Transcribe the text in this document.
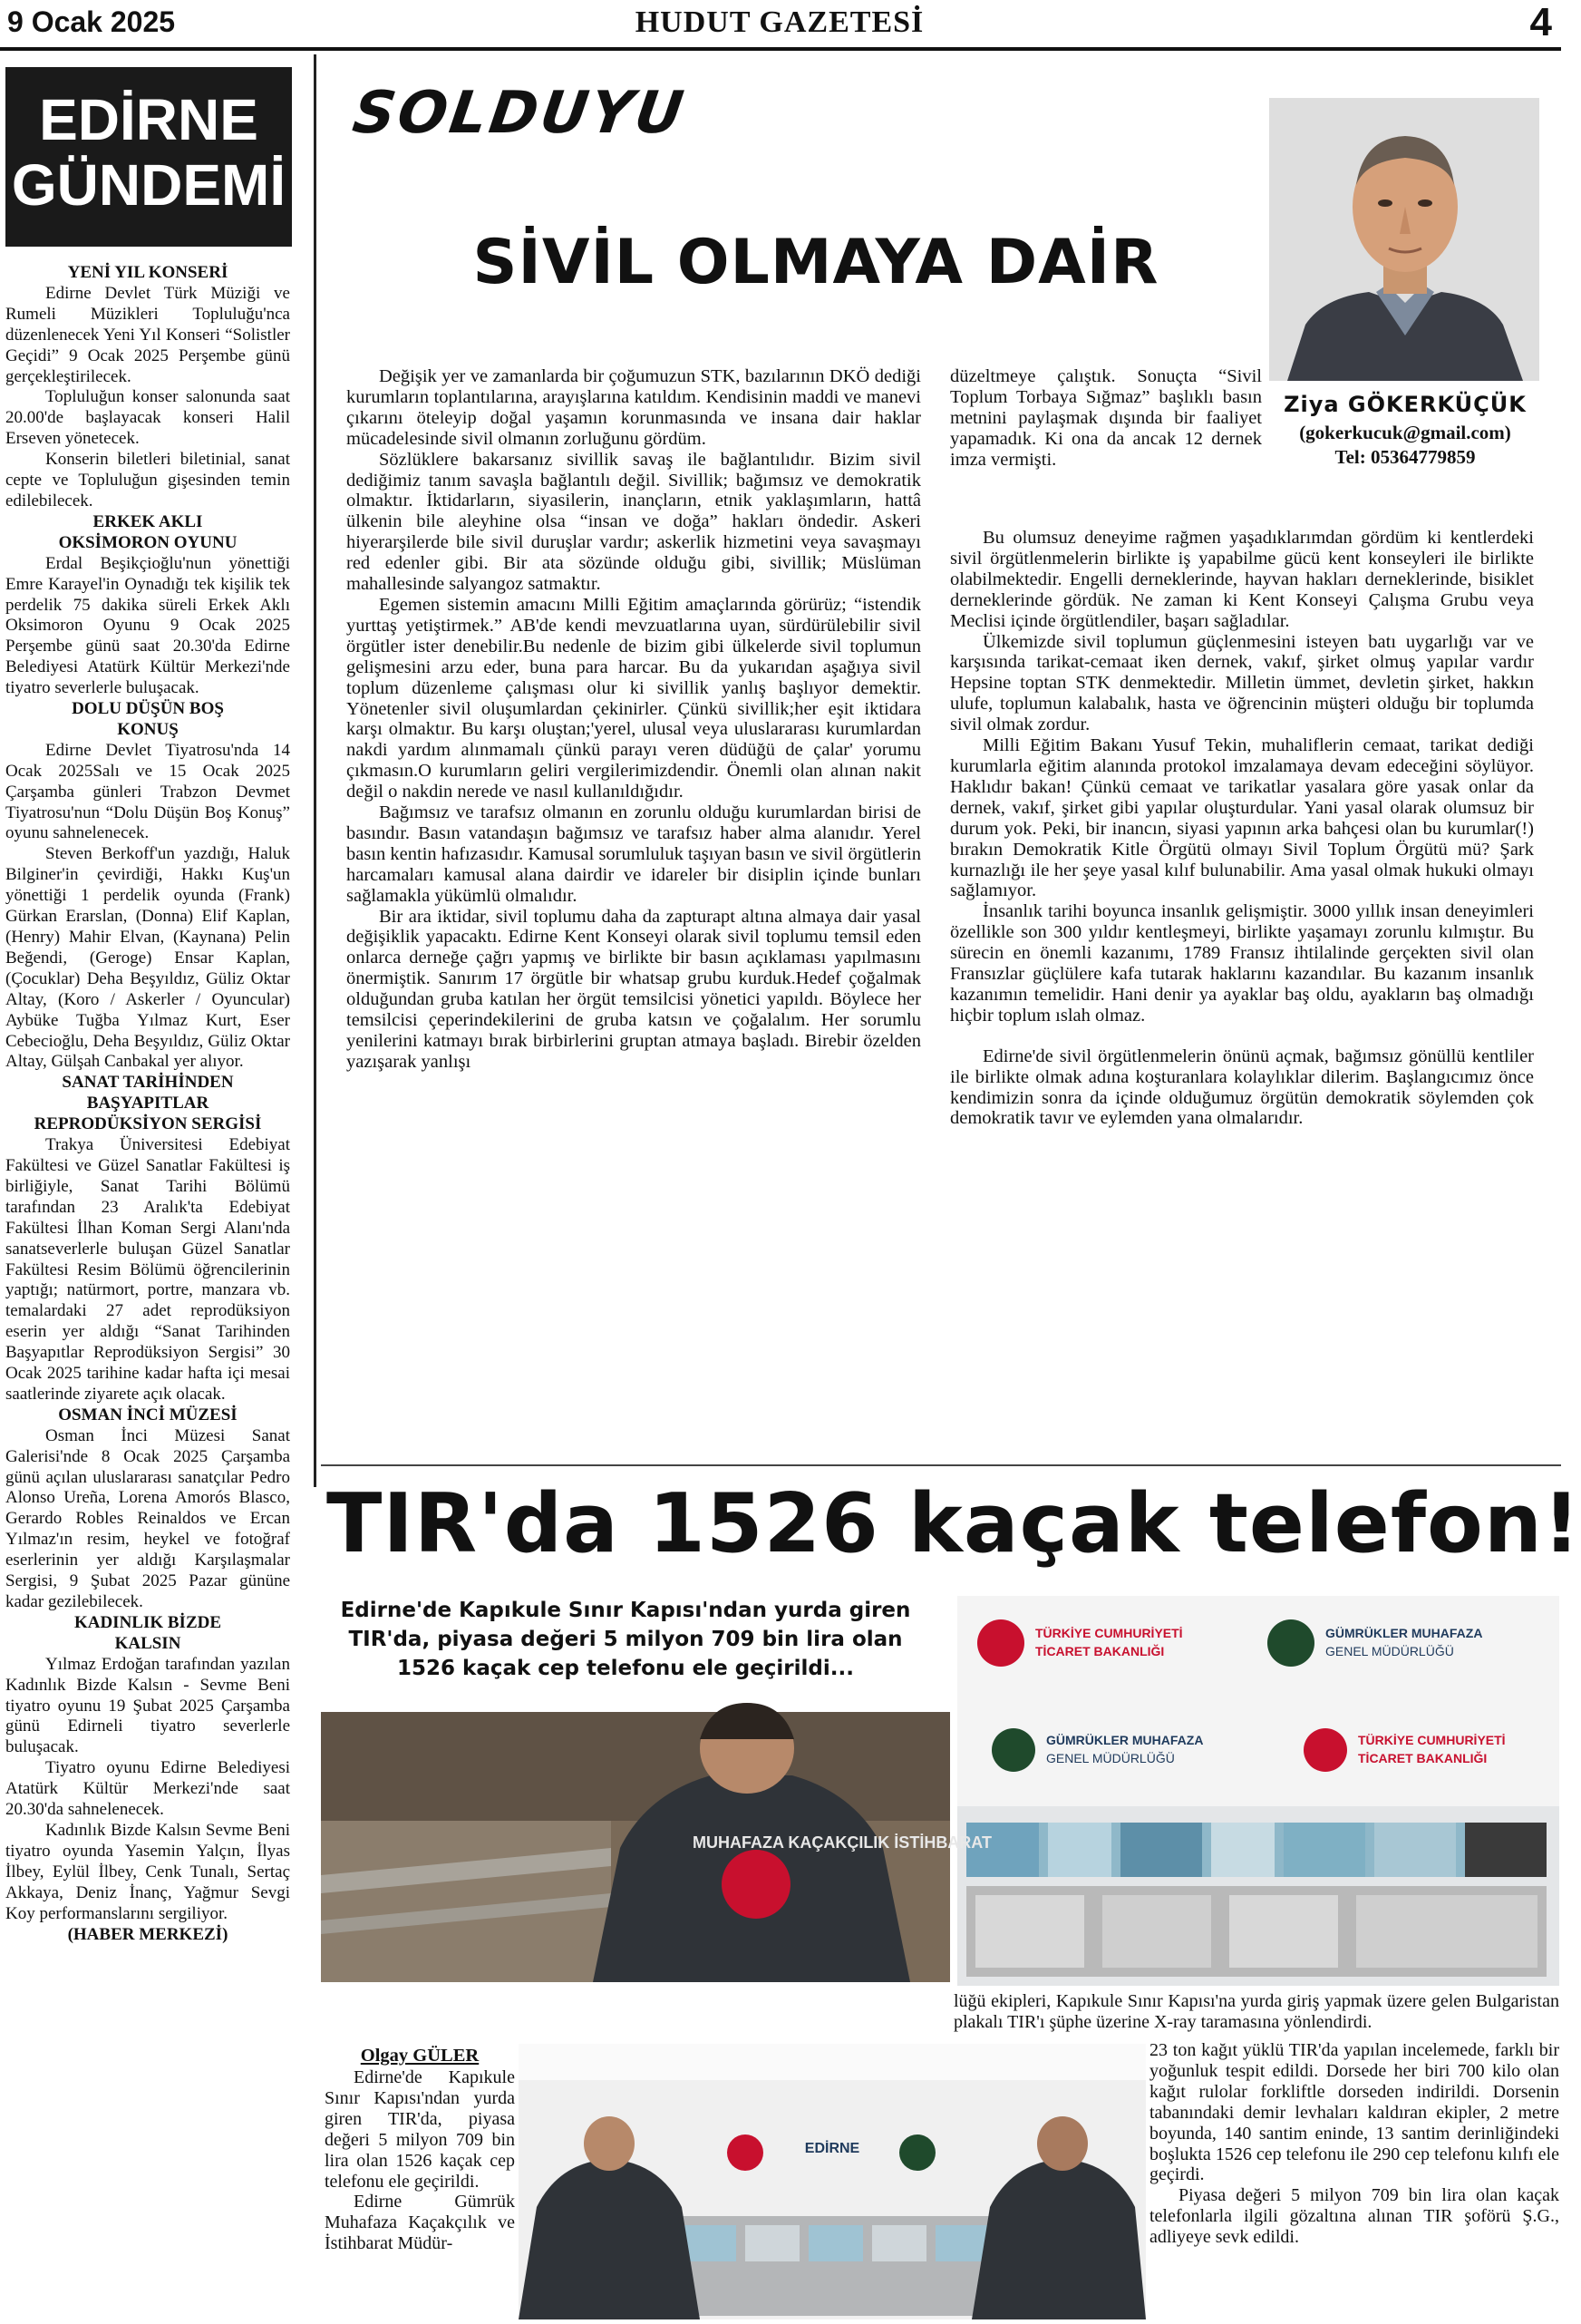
9 Ocak 2025	HUDUT GAZETESİ	4
EDİRNE
GÜNDEMİ

YENİ YIL KONSERİ

Edirne Devlet Türk Müziği ve Rumeli Müzikleri Topluluğu'nca düzenlenecek Yeni Yıl Konseri “Solistler Geçidi” 9 Ocak 2025 Perşembe günü gerçekleştirilecek.

Topluluğun konser salonunda saat 20.00'de başlayacak konseri Halil Erseven yönetecek.

Konserin biletleri biletinial, sanat cepte ve Topluluğun gişesinden temin edilebilecek.

ERKEK AKLI

OKSİMORON OYUNU

Erdal Beşikçioğlu'nun yönettiği Emre Karayel'in Oynadığı tek kişilik tek perdelik 75 dakika süreli Erkek Aklı Oksimoron Oyunu 9 Ocak 2025 Perşembe günü saat 20.30'da Edirne Belediyesi Atatürk Kültür Merkezi'nde tiyatro severlerle buluşacak.

DOLU DÜŞÜN BOŞ

KONUŞ

Edirne Devlet Tiyatrosu'nda 14 Ocak 2025Salı ve 15 Ocak 2025 Çarşamba günleri Trabzon Devmet Tiyatrosu'nun “Dolu Düşün Boş Konuş” oyunu sahnelenecek.

Steven Berkoff'un yazdığı, Haluk Bilginer'in çevirdiği, Hakkı Kuş'un yönettiği 1 perdelik oyunda (Frank) Gürkan Erarslan, (Donna) Elif Kaplan, (Henry) Mahir Elvan, (Kaynana) Pelin Beğendi, (Geroge) Ensar Kaplan, (Çocuklar) Deha Beşyıldız, Güliz Oktar Altay, (Koro / Askerler / Oyuncular) Aybüke Tuğba Yılmaz Kurt, Eser Cebecioğlu, Deha Beşyıldız, Güliz Oktar Altay, Gülşah Canbakal yer alıyor.

SANAT TARİHİNDEN

BAŞYAPITLAR

REPRODÜKSİYON SERGİSİ

Trakya Üniversitesi Edebiyat Fakültesi ve Güzel Sanatlar Fakültesi iş birliğiyle, Sanat Tarihi Bölümü tarafından 23 Aralık'ta Edebiyat Fakültesi İlhan Koman Sergi Alanı'nda sanatseverlerle buluşan Güzel Sanatlar Fakültesi Resim Bölümü öğrencilerinin yaptığı; natürmort, portre, manzara vb. temalardaki 27 adet reprodüksiyon eserin yer aldığı “Sanat Tarihinden Başyapıtlar Reprodüksiyon Sergisi” 30 Ocak 2025 tarihine kadar hafta içi mesai saatlerinde ziyarete açık olacak.

OSMAN İNCİ MÜZESİ

Osman İnci Müzesi Sanat Galerisi'nde 8 Ocak 2025 Çarşamba günü açılan uluslararası sanatçılar Pedro Alonso Ureña, Lorena Amorós Blasco, Gerardo Robles Reinaldos ve Ercan Yılmaz'ın resim, heykel ve fotoğraf eserlerinin yer aldığı Karşılaşmalar Sergisi, 9 Şubat 2025 Pazar gününe kadar gezilebilecek.

KADINLIK BİZDE

KALSIN

Yılmaz Erdoğan tarafından yazılan Kadınlık Bizde Kalsın - Sevme Beni tiyatro oyunu 19 Şubat 2025 Çarşamba günü Edirneli tiyatro severlerle buluşacak.

Tiyatro oyunu Edirne Belediyesi Atatürk Kültür Merkezi'nde saat 20.30'da sahnelenecek.

Kadınlık Bizde Kalsın Sevme Beni tiyatro oyunda Yasemin Yalçın, İlyas İlbey, Eylül İlbey, Cenk Tunalı, Sertaç Akkaya, Deniz İnanç, Yağmur Sevgi Koy performanslarını sergiliyor.

(HABER MERKEZİ)

SOLDUYU
SİVİL OLMAYA DAİR
Ziya GÖKERKÜÇÜK
(gokerkucuk@gmail.com)
Tel: 05364779859

Değişik yer ve zamanlarda bir çoğumuzun STK, bazılarının DKÖ dediği kurumların toplantılarına, arayışlarına katıldım. Kendisinin maddi ve manevi çıkarını öteleyip doğal yaşamın korunmasında ve insana dair haklar mücadelesinde sivil olmanın zorluğunu gördüm.

Sözlüklere bakarsanız sivillik savaş ile bağlantılıdır. Bizim sivil dediğimiz tanım savaşla bağlantılı değil. Sivillik; bağımsız ve demokratik olmaktır. İktidarların, siyasilerin, inançların, etnik yaklaşımların, hattâ ülkenin bile aleyhine olsa “insan ve doğa” hakları öndedir. Askeri hiyerarşilerde bile sivil duruşlar vardır; askerlik hizmetini veya savaşmayı red edenler gibi. Bir ata sözünde olduğu gibi, sivillik; Müslüman mahallesinde salyangoz satmaktır.

Egemen sistemin amacını Milli Eğitim amaçlarında görürüz; “istendik yurttaş yetiştirmek.” AB'de kendi mevzuatlarına uyan, sürdürülebilir sivil örgütler ister denebilir.Bu nedenle de bizim gibi ülkelerde sivil toplumun gelişmesini arzu eder, buna para harcar. Bu da yukarıdan aşağıya sivil toplum düzenleme çalışması olur ki sivillik yanlış başlıyor demektir. Yönetenler sivil oluşumlardan çekinirler. Çünkü sivillik;her eşit iktidara karşı olmaktır. Bu karşı oluştan;'yerel, ulusal veya uluslararası kurumlardan nakdi yardım alınmamalı çünkü parayı veren düdüğü de çalar' yorumu çıkmasın.O kurumların geliri vergilerimizdendir. Önemli olan alınan nakit değil o nakdin nerede ve nasıl kullanıldığıdır.

Bağımsız ve tarafsız olmanın en zorunlu olduğu kurumlardan birisi de basındır. Basın vatandaşın bağımsız ve tarafsız haber alma alanıdır. Yerel basın kentin hafızasıdır. Kamusal sorumluluk taşıyan basın ve sivil örgütlerin harcamaları kamusal alana dairdir ve idareler bir disiplin içinde bunları sağlamakla yükümlü olmalıdır.

Bir ara iktidar, sivil toplumu daha da zapturapt altına almaya dair yasal değişiklik yapacaktı. Edirne Kent Konseyi olarak sivil toplumu temsil eden onlarca derneğe çağrı yapmış ve birlikte bir basın açıklaması yapılmasını önermiştik. Sanırım 17 örgütle bir whatsap grubu kurduk.Hedef çoğalmak olduğundan gruba katılan her örgüt temsilcisi yönetici yapıldı. Böylece her temsilcisi çeperindekilerini de gruba katsın ve çoğalalım. Her sorumlu yenilerini katmayı bırak birbirlerini gruptan atmaya başladı. Birebir özelden yazışarak yanlışı

düzeltmeye çalıştık. Sonuçta “Sivil Toplum Torbaya Sığmaz” başlıklı basın metnini paylaşmak dışında bir faaliyet yapamadık. Ki ona da ancak 12 dernek imza vermişti.

Bu olumsuz deneyime rağmen yaşadıklarımdan gördüm ki kentlerdeki sivil örgütlenmelerin birlikte iş yapabilme gücü kent konseyleri ile birlikte olabilmektedir. Engelli derneklerinde, hayvan hakları derneklerinde, bisiklet derneklerinde gördük. Ne zaman ki Kent Konseyi Çalışma Grubu veya Meclisi içinde örgütlendiler, başarı sağladılar.

Ülkemizde sivil toplumun güçlenmesini isteyen batı uygarlığı var ve karşısında tarikat-cemaat iken dernek, vakıf, şirket olmuş yapılar vardır Hepsine toptan STK denmektedir. Milletin ümmet, devletin şirket, hakkın ulufe, toplumun kalabalık, hasta ve öğrencinin müşteri olduğu bir toplumda sivil olmak zordur.

Milli Eğitim Bakanı Yusuf Tekin, muhaliflerin cemaat, tarikat dediği kurumlarla eğitim alanında protokol imzalamaya devam edeceğini söylüyor. Haklıdır bakan! Çünkü cemaat ve tarikatlar yasalara göre yasak onlar da dernek, vakıf, şirket gibi yapılar oluşturdular. Yani yasal olarak olumsuz bir durum yok. Peki, bir inancın, siyasi yapının arka bahçesi olan bu kurumlar(!) bırakın Demokratik Kitle Örgütü olmayı Sivil Toplum Örgütü mü? Şark kurnazlığı ile her şeye yasal kılıf bulunabilir. Ama yasal olmak hukuki olmayı sağlamıyor.

İnsanlık tarihi boyunca insanlık gelişmiştir. 3000 yıllık insan deneyimleri özellikle son 300 yıldır kentleşmeyi, birlikte yaşamayı zorunlu kılmıştır. Bu sürecin en önemli kazanımı, 1789 Fransız ihtilalinde gerçekten sivil olan Fransızlar güçlülere kafa tutarak haklarını kazandılar. Bu kazanım insanlık kazanımın temelidir. Hani denir ya ayaklar baş oldu, ayakların baş olmadığı hiçbir toplum ıslah olmaz.

Edirne'de sivil örgütlenmelerin önünü açmak, bağımsız gönüllü kentliler ile birlikte olmak adına koşturanlara kolaylıklar dilerim. Başlangıcımız önce kendimizin sonra da içinde olduğumuz örgütün demokratik söylemden çok demokratik tavır ve eylemden yana olmalarıdır.

TIR'da 1526 kaçak telefon!
Edirne'de Kapıkule Sınır Kapısı'ndan yurda giren TIR'da, piyasa değeri 5 milyon 709 bin lira olan 1526 kaçak cep telefonu ele geçirildi...
TÜRKİYE CUMHURİYETİ
TİCARET BAKANLIĞI
GÜMRÜKLER MUHAFAZA
GENEL MÜDÜRLÜĞÜ
GÜMRÜKLER MUHAFAZA
GENEL MÜDÜRLÜĞÜ
TÜRKİYE CUMHURİYETİ
TİCARET BAKANLIĞI
MUHAFAZA KAÇAKÇILIK İSTİHBARAT
EDİRNE
Olgay GÜLER

Edirne'de Kapıkule Sınır Kapısı'ndan yurda giren TIR'da, piyasa değeri 5 milyon 709 bin lira olan 1526 kaçak cep telefonu ele geçirildi.

Edirne Gümrük Muhafaza Kaçakçılık ve İstihbarat Müdür-

lüğü ekipleri, Kapıkule Sınır Kapısı'na yurda giriş yapmak üzere gelen Bulgaristan plakalı TIR'ı şüphe üzerine X-ray taramasına yönlendirdi.

23 ton kağıt yüklü TIR'da yapılan incelemede, farklı bir yoğunluk tespit edildi. Dorsede her biri 700 kilo olan kağıt rulolar forkliftle dorseden indirildi. Dorsenin tabanındaki demir levhaları kaldıran ekipler, 2 metre boyunda, 140 santim eninde, 13 santim derinliğindeki boşlukta 1526 cep telefonu ile 290 cep telefonu kılıfı ele geçirdi.

Piyasa değeri 5 milyon 709 bin lira olan kaçak telefonlarla ilgili gözaltına alınan TIR şoförü Ş.G., adliyeye sevk edildi.
